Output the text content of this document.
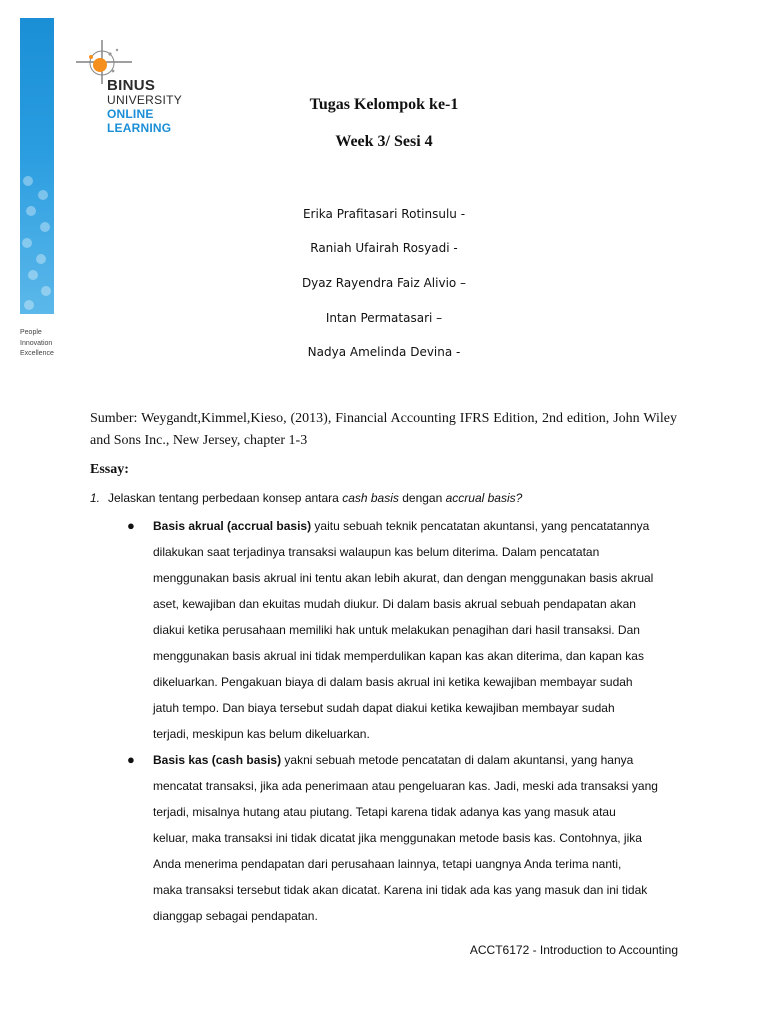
BINUS
UNIVERSITY
ONLINE
LEARNING
People
Innovation
Excellence
Tugas Kelompok ke-1
Week 3/ Sesi 4
Erika Prafitasari Rotinsulu -
Raniah Ufairah Rosyadi -
Dyaz Rayendra Faiz Alivio –
Intan Permatasari –
Nadya Amelinda Devina -
Sumber: Weygandt,Kimmel,Kieso, (2013), Financial Accounting IFRS Edition, 2nd edition, John Wiley and Sons Inc., New Jersey, chapter 1-3
Essay:
1. Jelaskan tentang perbedaan konsep antara cash basis dengan accrual basis?
● Basis akrual (accrual basis) yaitu sebuah teknik pencatatan akuntansi, yang pencatatannya
dilakukan saat terjadinya transaksi walaupun kas belum diterima. Dalam pencatatan
menggunakan basis akrual ini tentu akan lebih akurat, dan dengan menggunakan basis akrual
aset, kewajiban dan ekuitas mudah diukur. Di dalam basis akrual sebuah pendapatan akan
diakui ketika perusahaan memiliki hak untuk melakukan penagihan dari hasil transaksi. Dan
menggunakan basis akrual ini tidak memperdulikan kapan kas akan diterima, dan kapan kas
dikeluarkan. Pengakuan biaya di dalam basis akrual ini ketika kewajiban membayar sudah
jatuh tempo. Dan biaya tersebut sudah dapat diakui ketika kewajiban membayar sudah
terjadi, meskipun kas belum dikeluarkan.
● Basis kas (cash basis) yakni sebuah metode pencatatan di dalam akuntansi, yang hanya
mencatat transaksi, jika ada penerimaan atau pengeluaran kas. Jadi, meski ada transaksi yang
terjadi, misalnya hutang atau piutang. Tetapi karena tidak adanya kas yang masuk atau
keluar, maka transaksi ini tidak dicatat jika menggunakan metode basis kas. Contohnya, jika
Anda menerima pendapatan dari perusahaan lainnya, tetapi uangnya Anda terima nanti,
maka transaksi tersebut tidak akan dicatat. Karena ini tidak ada kas yang masuk dan ini tidak
dianggap sebagai pendapatan.
ACCT6172 - Introduction to Accounting
